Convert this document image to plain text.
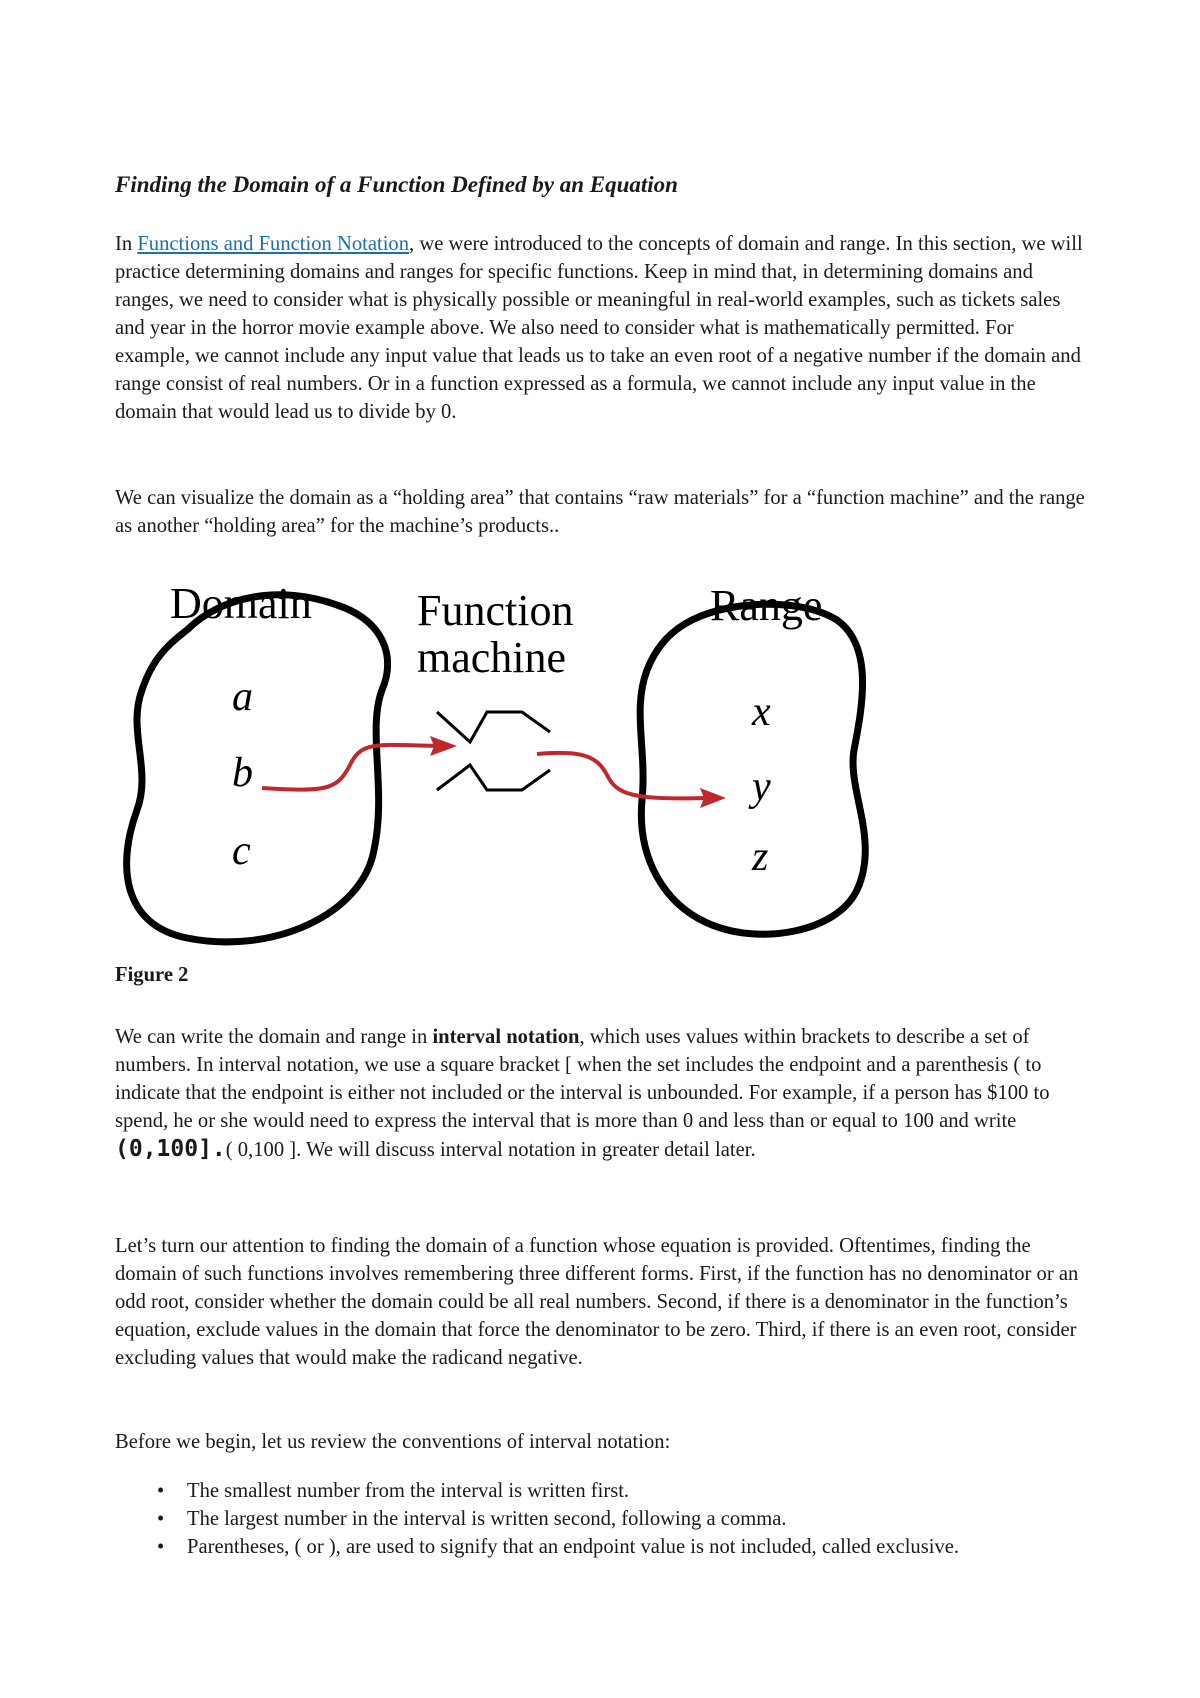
Finding the Domain of a Function Defined by an Equation

In Functions and Function Notation, we were introduced to the concepts of domain and range. In this section, we will practice determining domains and ranges for specific functions. Keep in mind that, in determining domains and ranges, we need to consider what is physically possible or meaningful in real-world examples, such as tickets sales and year in the horror movie example above. We also need to consider what is mathematically permitted. For example, we cannot include any input value that leads us to take an even root of a negative number if the domain and range consist of real numbers. Or in a function expressed as a formula, we cannot include any input value in the domain that would lead us to divide by 0.

We can visualize the domain as a “holding area” that contains “raw materials” for a “function machine” and the range as another “holding area” for the machine’s products..

Domain Function
machine
Range
a
b
c
x
y
z
Figure 2

We can write the domain and range in interval notation, which uses values within brackets to describe a set of numbers. In interval notation, we use a square bracket [ when the set includes the endpoint and a parenthesis ( to indicate that the endpoint is either not included or the interval is unbounded. For example, if a person has $100 to spend, he or she would need to express the interval that is more than 0 and less than or equal to 100 and write (0,100].( 0,100 ]. We will discuss interval notation in greater detail later.

Let’s turn our attention to finding the domain of a function whose equation is provided. Oftentimes, finding the domain of such functions involves remembering three different forms. First, if the function has no denominator or an odd root, consider whether the domain could be all real numbers. Second, if there is a denominator in the function’s equation, exclude values in the domain that force the denominator to be zero. Third, if there is an even root, consider excluding values that would make the radicand negative.

Before we begin, let us review the conventions of interval notation:

• The smallest number from the interval is written first.
• The largest number in the interval is written second, following a comma.
• Parentheses, ( or ), are used to signify that an endpoint value is not included, called exclusive.
